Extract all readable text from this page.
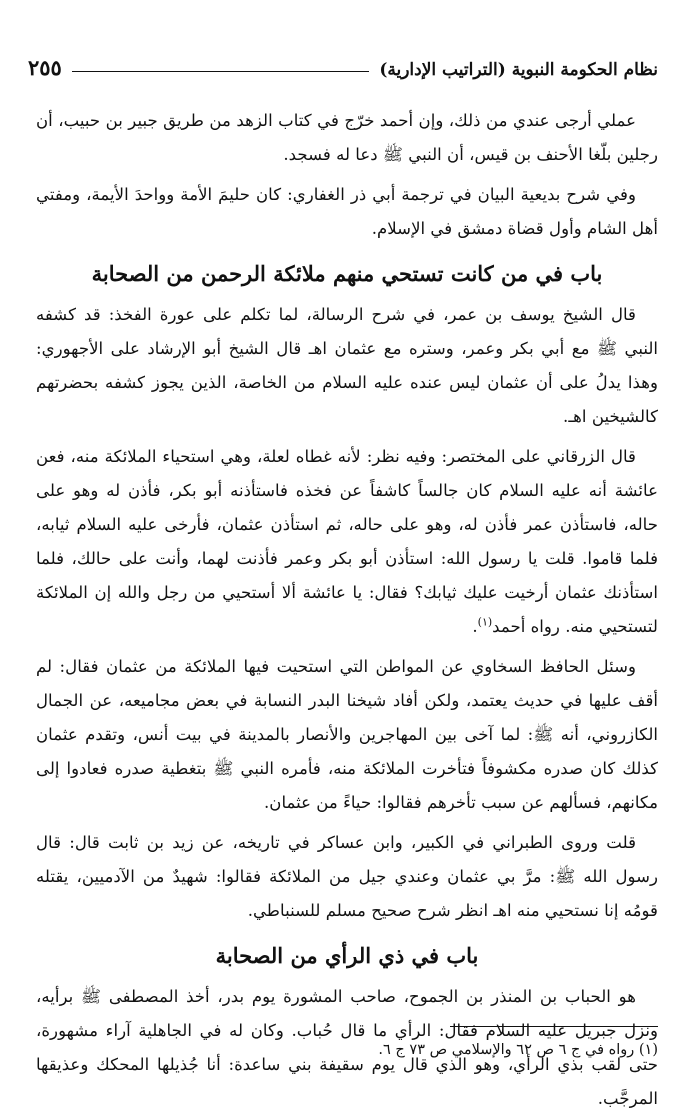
نظام الحكومة النبوية (التراتيب الإدارية)
٢٥٥

عملي أرجى عندي من ذلك، وإن أحمد خرّج في كتاب الزهد من طريق جبير بن حبيب، أن رجلين بلّغا الأحنف بن قيس، أن النبي ﷺ دعا له فسجد.

وفي شرح بديعية البيان في ترجمة أبي ذر الغفاري: كان حليمَ الأمة وواحدَ الأيمة، ومفتي أهل الشام وأول قضاة دمشق في الإسلام.

باب في من كانت تستحي منهم ملائكة الرحمن من الصحابة

قال الشيخ يوسف بن عمر، في شرح الرسالة، لما تكلم على عورة الفخذ: قد كشفه النبي ﷺ مع أبي بكر وعمر، وستره مع عثمان اهـ قال الشيخ أبو الإرشاد على الأجهوري: وهذا يدلُ على أن عثمان ليس عنده عليه السلام من الخاصة، الذين يجوز كشفه بحضرتهم كالشيخين اهـ.

قال الزرقاني على المختصر: وفيه نظر: لأنه غطاه لعلة، وهي استحياء الملائكة منه، فعن عائشة أنه عليه السلام كان جالساً كاشفاً عن فخذه فاستأذنه أبو بكر، فأذن له وهو على حاله، فاستأذن عمر فأذن له، وهو على حاله، ثم استأذن عثمان، فأرخى عليه السلام ثيابه، فلما قاموا. قلت يا رسول الله: استأذن أبو بكر وعمر فأذنت لهما، وأنت على حالك، فلما استأذنك عثمان أرخيت عليك ثيابك؟ فقال: يا عائشة ألا أستحيي من رجل والله إن الملائكة لتستحيي منه. رواه أحمد$^{(١)}$.

وسئل الحافظ السخاوي عن المواطن التي استحيت فيها الملائكة من عثمان فقال: لم أقف عليها في حديث يعتمد، ولكن أفاد شيخنا البدر النسابة في بعض مجاميعه، عن الجمال الكازروني، أنه ﷺ: لما آخى بين المهاجرين والأنصار بالمدينة في بيت أنس، وتقدم عثمان كذلك كان صدره مكشوفاً فتأخرت الملائكة منه، فأمره النبي ﷺ بتغطية صدره فعادوا إلى مكانهم، فسألهم عن سبب تأخرهم فقالوا: حياءً من عثمان.

قلت وروى الطبراني في الكبير، وابن عساكر في تاريخه، عن زيد بن ثابت قال: قال رسول الله ﷺ: مرَّ بي عثمان وعندي جيل من الملائكة فقالوا: شهيدٌ من الآدميين، يقتله قومُه إنا نستحيي منه اهـ انظر شرح صحيح مسلم للسنباطي.

باب في ذي الرأي من الصحابة

هو الحباب بن المنذر بن الجموح، صاحب المشورة يوم بدر، أخذ المصطفى ﷺ برأيه، ونزل جبريل عليه السلام فقال: الرأي ما قال حُباب. وكان له في الجاهلية آراء مشهورة، حتى لقب بذي الرأي، وهو الذي قال يوم سقيفة بني ساعدة: أنا جُذيلها المحكك وعذيقها المرجَّب.

(١) رواه في ج ٦ ص ٦٢ والإسلامي ص ٧٣ ج ٦.
